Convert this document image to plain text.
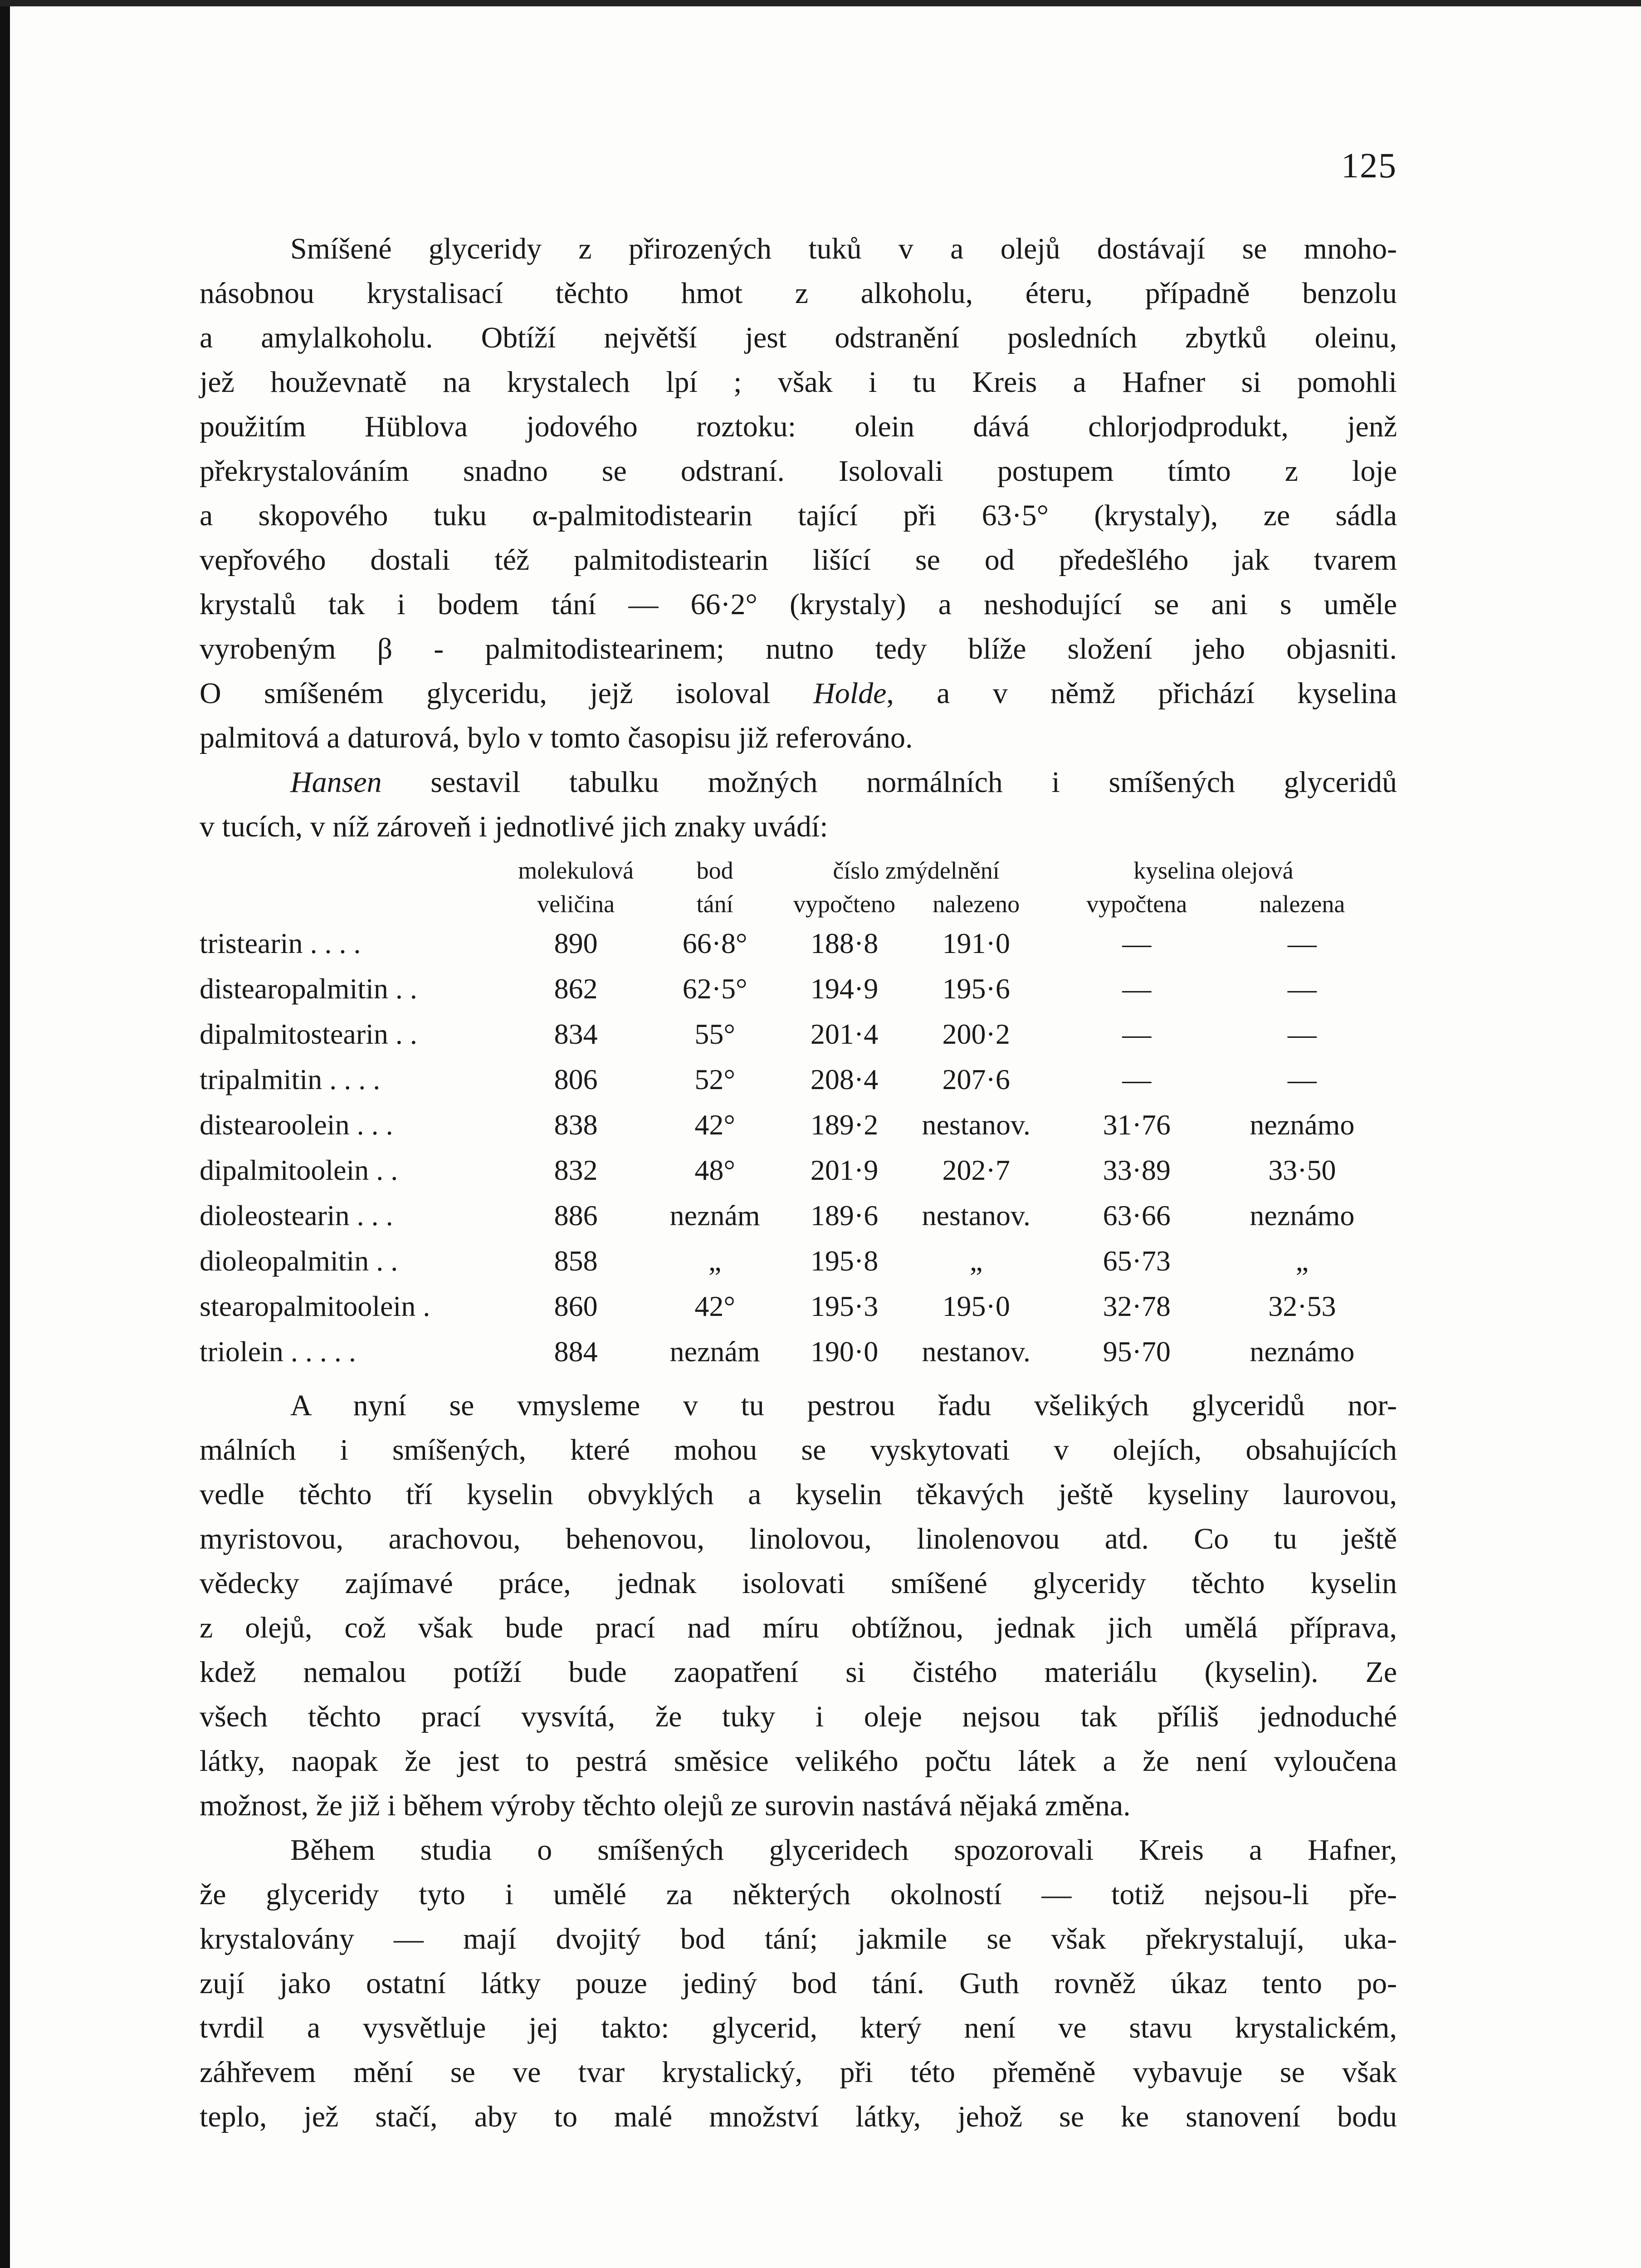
125
Smíšené glyceridy z přirozených tuků v a olejů dostávají se mnoho-
násobnou krystalisací těchto hmot z alkoholu, éteru, případně benzolu
a amylalkoholu. Obtíží největší jest odstranění posledních zbytků oleinu,
jež houževnatě na krystalech lpí ; však i tu Kreis a Hafner si pomohli
použitím Hüblova jodového roztoku: olein dává chlorjodprodukt, jenž
překrystalováním snadno se odstraní. Isolovali postupem tímto z loje
a skopového tuku α-palmitodistearin tající při 63·5° (krystaly), ze sádla
vepřového dostali též palmitodistearin lišící se od předešlého jak tvarem
krystalů tak i bodem tání — 66·2° (krystaly) a neshodující se ani s uměle
vyrobeným β - palmitodistearinem; nutno tedy blíže složení jeho objasniti.
O smíšeném glyceridu, jejž isoloval Holde, a v němž přichází kyselina
palmitová a daturová, bylo v tomto časopisu již referováno.
Hansen sestavil tabulku možných normálních i smíšených glyceridů
v tucích, v níž zároveň i jednotlivé jich znaky uvádí:
	molekulová	bod	číslo zmýdelnění		kyselina olejová	
	veličina	tání	vypočteno	nalezeno	vypočtena	nalezena
tristearin . . . .	890	66·8°	188·8	191·0	—	—
distearopalmitin . .	862	62·5°	194·9	195·6	—	—
dipalmitostearin . .	834	55°	201·4	200·2	—	—
tripalmitin . . . .	806	52°	208·4	207·6	—	—
distearoolein . . .	838	42°	189·2	nestanov.	31·76	neznámo
dipalmitoolein . .	832	48°	201·9	202·7	33·89	33·50
dioleostearin . . .	886	neznám	189·6	nestanov.	63·66	neznámo
dioleopalmitin . .	858	„	195·8	„	65·73	„
stearopalmitoolein .	860	42°	195·3	195·0	32·78	32·53
triolein . . . . .	884	neznám	190·0	nestanov.	95·70	neznámo
A nyní se vmysleme v tu pestrou řadu všelikých glyceridů nor-
málních i smíšených, které mohou se vyskytovati v olejích, obsahujících
vedle těchto tří kyselin obvyklých a kyselin těkavých ještě kyseliny laurovou,
myristovou, arachovou, behenovou, linolovou, linolenovou atd. Co tu ještě
vědecky zajímavé práce, jednak isolovati smíšené glyceridy těchto kyselin
z olejů, což však bude prací nad míru obtížnou, jednak jich umělá příprava,
kdež nemalou potíží bude zaopatření si čistého materiálu (kyselin). Ze
všech těchto prací vysvítá, že tuky i oleje nejsou tak příliš jednoduché
látky, naopak že jest to pestrá směsice velikého počtu látek a že není vyloučena
možnost, že již i během výroby těchto olejů ze surovin nastává nějaká změna.
Během studia o smíšených glyceridech spozorovali Kreis a Hafner,
že glyceridy tyto i umělé za některých okolností — totiž nejsou-li pře-
krystalovány — mají dvojitý bod tání; jakmile se však překrystalují, uka-
zují jako ostatní látky pouze jediný bod tání. Guth rovněž úkaz tento po-
tvrdil a vysvětluje jej takto: glycerid, který není ve stavu krystalickém,
záhřevem mění se ve tvar krystalický, při této přeměně vybavuje se však
teplo, jež stačí, aby to malé množství látky, jehož se ke stanovení bodu
